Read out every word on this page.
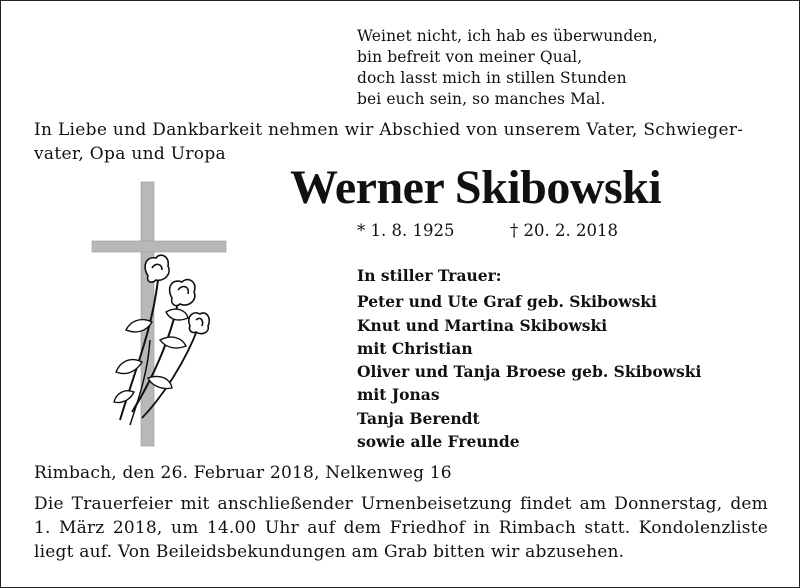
Weinet nicht, ich hab es überwunden,
bin befreit von meiner Qual,
doch lasst mich in stillen Stunden
bei euch sein, so manches Mal.
In Liebe und Dankbarkeit nehmen wir Abschied von unserem Vater, Schwieger-
vater, Opa und Uropa
Werner Skibowski
* 1. 8. 1925	† 20. 2. 2018
In stiller Trauer:
Peter und Ute Graf geb. Skibowski
Knut und Martina Skibowski
mit Christian
Oliver und Tanja Broese geb. Skibowski
mit Jonas
Tanja Berendt
sowie alle Freunde
Rimbach, den 26. Februar 2018, Nelkenweg 16
Die Trauerfeier mit anschließender Urnenbeisetzung findet am Donnerstag, dem 1. März 2018, um 14.00 Uhr auf dem Friedhof in Rimbach statt. Kondolenzliste liegt auf. Von Beileidsbekundungen am Grab bitten wir abzusehen.
